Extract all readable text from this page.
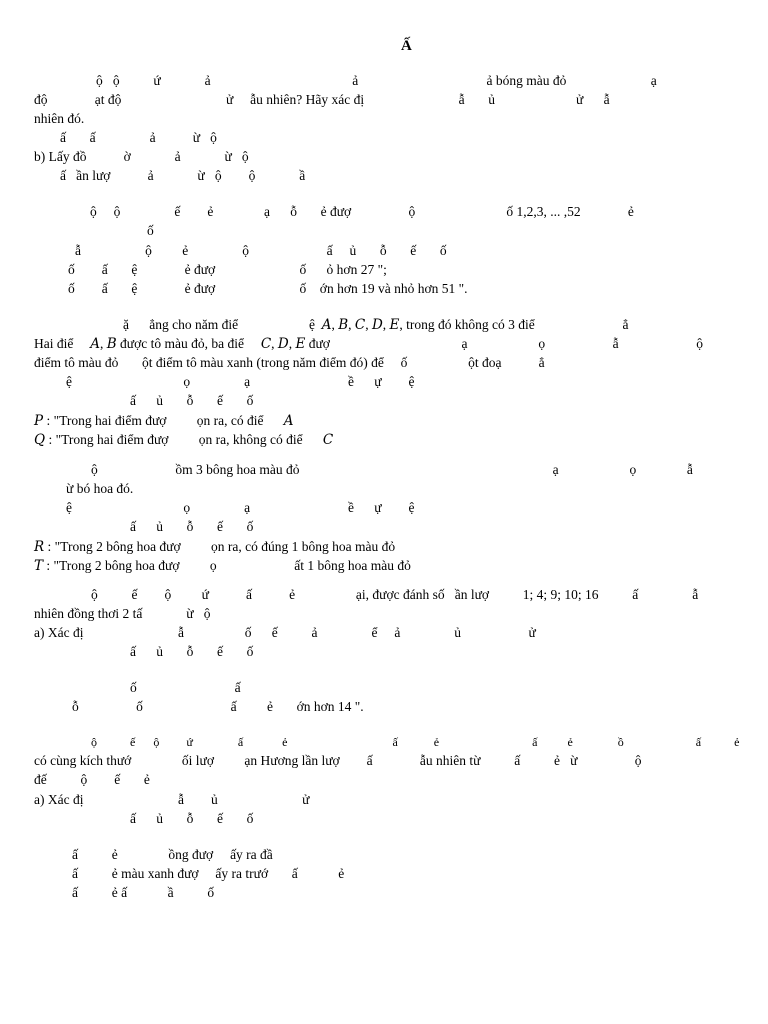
Ấ
ộ   ộ          ứ             ả                                          ả                                      ả bóng màu đỏ                         ạ
độ              ạt độ                               ử     ẫu nhiên? Hãy xác đị                            ẫ       ủ                        ử      ẫ
nhiên đó.
ấ       ấ                ả           ừ   ộ
b) Lấy đồ           ờ             ả             ừ   ộ
ấ   ần lượ           ả             ừ   ộ        ộ             ầ
ộ     ộ                ế        ẻ               ạ      ỗ       ẻ đượ                 ộ                           ố 1,2,3, ... ,52              ẻ
ố
ẫ                   ộ         ẻ                ộ                       ấ     ủ       ỗ       ế       ố
ố        ấ       ệ              ẻ đượ                         ố      ỏ hơn 27 ";
ố        ấ       ệ              ẻ đượ                         ố    ớn hơn 19 và nhỏ hơn 51 ".
ặ      ẳng cho năm điể                     ệ  𝐴, 𝐵, 𝐶, 𝐷, 𝐸, trong đó không có 3 điể                          ẳ
Hai điể     𝐴, 𝐵 được tô màu đỏ, ba điể     𝐶, 𝐷, 𝐸 đượ                                       ạ                     ọ                    ẫ                       ộ
điểm tô màu đỏ       ột điểm tô màu xanh (trong năm điểm đó) để     ố                  ột đoạ           ẳ
ệ                                 ọ                ạ                             ề      ự        ệ
ấ      ủ       ỗ       ế       ố
𝑃 : "Trong hai điểm đượ         ọn ra, có điể      𝐴
𝑄 : "Trong hai điểm đượ         ọn ra, không có điể      𝐶
ộ                       ồm 3 bông hoa màu đỏ                                                                           ạ                     ọ               ẫ
ừ bó hoa đó.
ệ                                 ọ                ạ                             ề      ự        ệ
ấ      ủ       ỗ       ế       ố
𝑅 : "Trong 2 bông hoa đượ         ọn ra, có đúng 1 bông hoa màu đỏ
𝑇 : "Trong 2 bông hoa đượ         ọ                       ất 1 bông hoa màu đỏ
ộ          ế        ộ         ứ           ấ           ẻ                  ại, được đánh số   ần lượ          1; 4; 9; 10; 16          ấ                ẫ
nhiên đồng thơi 2 tấ             ừ   ộ
a) Xác đị                            ẫ                  ố      ế          ả                ể     ả                ủ                    ử
ấ      ủ       ỗ       ế       ố
ố                             ấ
ỗ                 ố                          ấ         ẻ       ớn hơn 14 ".
ộ           ế      ộ         ứ               ấ             ẻ                                   ấ            ẻ                               ấ          ẻ               ồ                        ấ           ẻ
có cùng kích thướ               ối lượ         ạn Hương lần lượ        ấ              ẫu nhiên từ          ấ          ẻ   ừ                 ộ
đế          ộ        ế       ẻ
a) Xác đị                            ẫ        ủ                         ử
ấ      ủ       ỗ       ế       ố
ấ          ẻ               ồng đượ     ấy ra đầ
ấ          ẻ màu xanh đượ     ấy ra trướ       ấ            ẻ
ấ          ẻ ấ            ầ          ố
